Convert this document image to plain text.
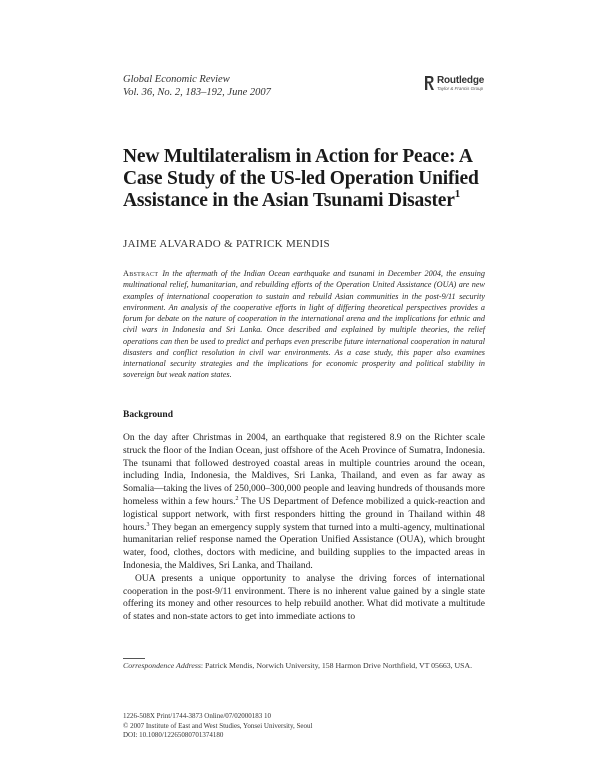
Global Economic Review
Vol. 36, No. 2, 183–192, June 2007
Routledge
Taylor & Francis Group
New Multilateralism in Action for Peace: A Case Study of the US-led Operation Unified Assistance in the Asian Tsunami Disaster$^1$
JAIME ALVARADO & PATRICK MENDIS
Abstract In the aftermath of the Indian Ocean earthquake and tsunami in December 2004, the ensuing multinational relief, humanitarian, and rebuilding efforts of the Operation United Assistance (OUA) are new examples of international cooperation to sustain and rebuild Asian communities in the post-9/11 security environment. An analysis of the cooperative efforts in light of differing theoretical perspectives provides a forum for debate on the nature of cooperation in the international arena and the implications for ethnic and civil wars in Indonesia and Sri Lanka. Once described and explained by multiple theories, the relief operations can then be used to predict and perhaps even prescribe future international cooperation in natural disasters and conflict resolution in civil war environments. As a case study, this paper also examines international security strategies and the implications for economic prosperity and political stability in sovereign but weak nation states.
Background

On the day after Christmas in 2004, an earthquake that registered 8.9 on the Richter scale struck the floor of the Indian Ocean, just offshore of the Aceh Province of Sumatra, Indonesia. The tsunami that followed destroyed coastal areas in multiple countries around the ocean, including India, Indonesia, the Maldives, Sri Lanka, Thailand, and even as far away as Somalia—taking the lives of 250,000–300,000 people and leaving hundreds of thousands more homeless within a few hours.$^2$ The US Department of Defence mobilized a quick-reaction and logistical support network, with first responders hitting the ground in Thailand within 48 hours.$^3$ They began an emergency supply system that turned into a multi-agency, multinational humanitarian relief response named the Operation Unified Assistance (OUA), which brought water, food, clothes, doctors with medicine, and building supplies to the impacted areas in Indonesia, the Maldives, Sri Lanka, and Thailand.

OUA presents a unique opportunity to analyse the driving forces of international cooperation in the post-9/11 environment. There is no inherent value gained by a single state offering its money and other resources to help rebuild another. What did motivate a multitude of states and non-state actors to get into immediate actions to

Correspondence Address: Patrick Mendis, Norwich University, 158 Harmon Drive Northfield, VT 05663, USA.
1226-508X Print/1744-3873 Online/07/02000183 10
© 2007 Institute of East and West Studies, Yonsei University, Seoul
DOI: 10.1080/12265080701374180
